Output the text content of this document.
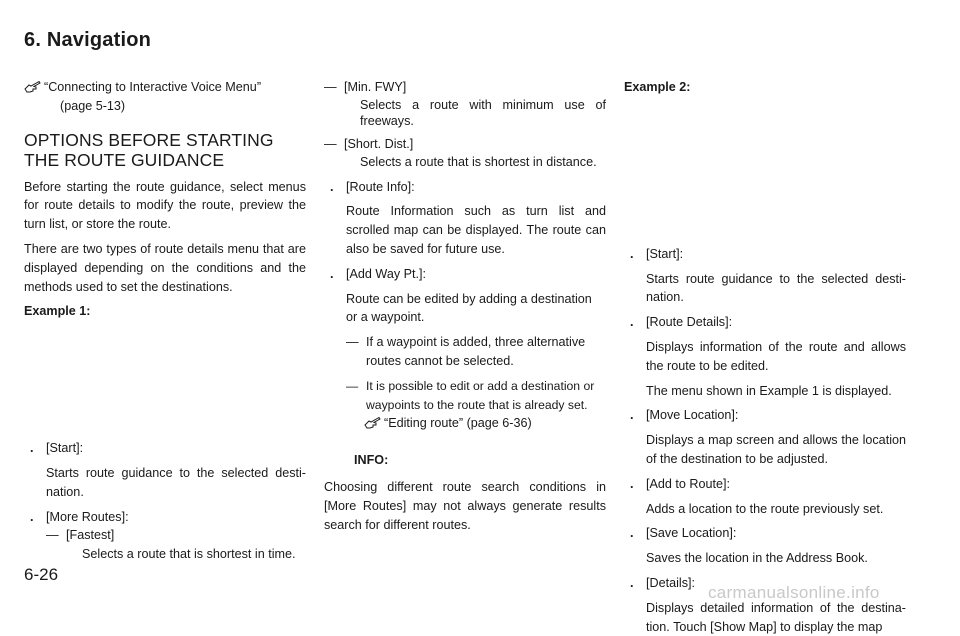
6. Navigation

“Connecting to Interactive Voice Menu”
(page 5-13)

OPTIONS BEFORE STARTING THE ROUTE GUIDANCE

Before starting the route guidance, select menus for route details to modify the route, preview the turn list, or store the route.

There are two types of route details menu that are displayed depending on the conditions and the methods used to set the destinations.

Example 1:

. [Start]:

Starts route guidance to the selected desti-nation.

. [More Routes]:

— [Fastest]
Selects a route that is shortest in time.

— [Min. FWY]
Selects a route with minimum use of freeways.

— [Short. Dist.]
Selects a route that is shortest in distance.

. [Route Info]:

Route Information such as turn list and scrolled map can be displayed. The route can also be saved for future use.

. [Add Way Pt.]:

Route can be edited by adding a destination or a waypoint.

— If a waypoint is added, three alternative routes cannot be selected.

— It is possible to edit or add a destination or waypoints to the route that is already set.

“Editing route” (page 6-36)

INFO:

Choosing different route search conditions in [More Routes] may not always generate results search for different routes.

Example 2:

. [Start]:

Starts route guidance to the selected desti-nation.

. [Route Details]:

Displays information of the route and allows the route to be edited.

The menu shown in Example 1 is displayed.

. [Move Location]:

Displays a map screen and allows the location of the destination to be adjusted.

. [Add to Route]:

Adds a location to the route previously set.

. [Save Location]:

Saves the location in the Address Book.

. [Details]:

Displays detailed information of the destina-tion. Touch [Show Map] to display the map

6-26
carmanualsonline.info
